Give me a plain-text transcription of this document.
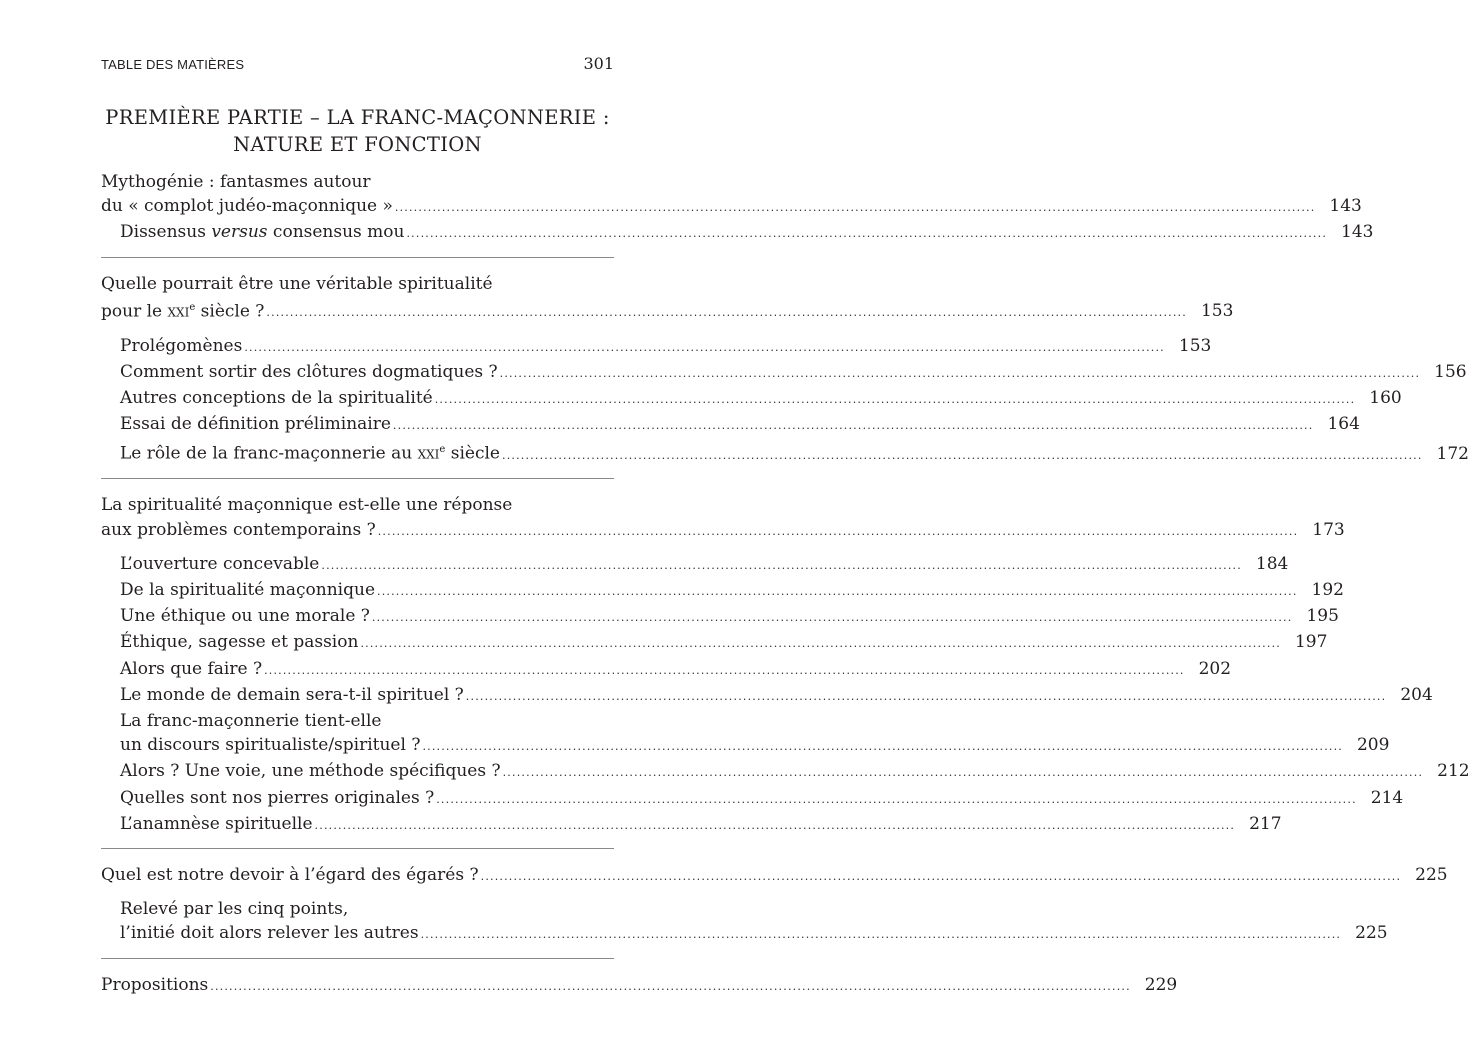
TABLE DES MATIÈRES	301
PREMIÈRE PARTIE – LA FRANC-MAÇONNERIE :
NATURE ET FONCTION
Mythogénie : fantasmes autour
du « complot judéo-maçonnique » .................................................................................................................................................................................................... 143
Dissensus versus consensus mou .................................................................................................................................................................................................... 143
Quelle pourrait être une véritable spiritualité
pour le xxi$^e$ siècle ? .................................................................................................................................................................................................... 153
Prolégomènes .................................................................................................................................................................................................... 153
Comment sortir des clôtures dogmatiques ? .................................................................................................................................................................................................... 156
Autres conceptions de la spiritualité .................................................................................................................................................................................................... 160
Essai de définition préliminaire .................................................................................................................................................................................................... 164
Le rôle de la franc-maçonnerie au xxi$^e$ siècle .................................................................................................................................................................................................... 172
La spiritualité maçonnique est-elle une réponse
aux problèmes contemporains ? .................................................................................................................................................................................................... 173
L’ouverture concevable .................................................................................................................................................................................................... 184
De la spiritualité maçonnique .................................................................................................................................................................................................... 192
Une éthique ou une morale ? .................................................................................................................................................................................................... 195
Éthique, sagesse et passion .................................................................................................................................................................................................... 197
Alors que faire ? .................................................................................................................................................................................................... 202
Le monde de demain sera-t-il spirituel ? .................................................................................................................................................................................................... 204
La franc-maçonnerie tient-elle
un discours spiritualiste/spirituel ? .................................................................................................................................................................................................... 209
Alors ? Une voie, une méthode spécifiques ? .................................................................................................................................................................................................... 212
Quelles sont nos pierres originales ? .................................................................................................................................................................................................... 214
L’anamnèse spirituelle .................................................................................................................................................................................................... 217
Quel est notre devoir à l’égard des égarés ? .................................................................................................................................................................................................... 225
Relevé par les cinq points,
l’initié doit alors relever les autres .................................................................................................................................................................................................... 225
Propositions .................................................................................................................................................................................................... 229
